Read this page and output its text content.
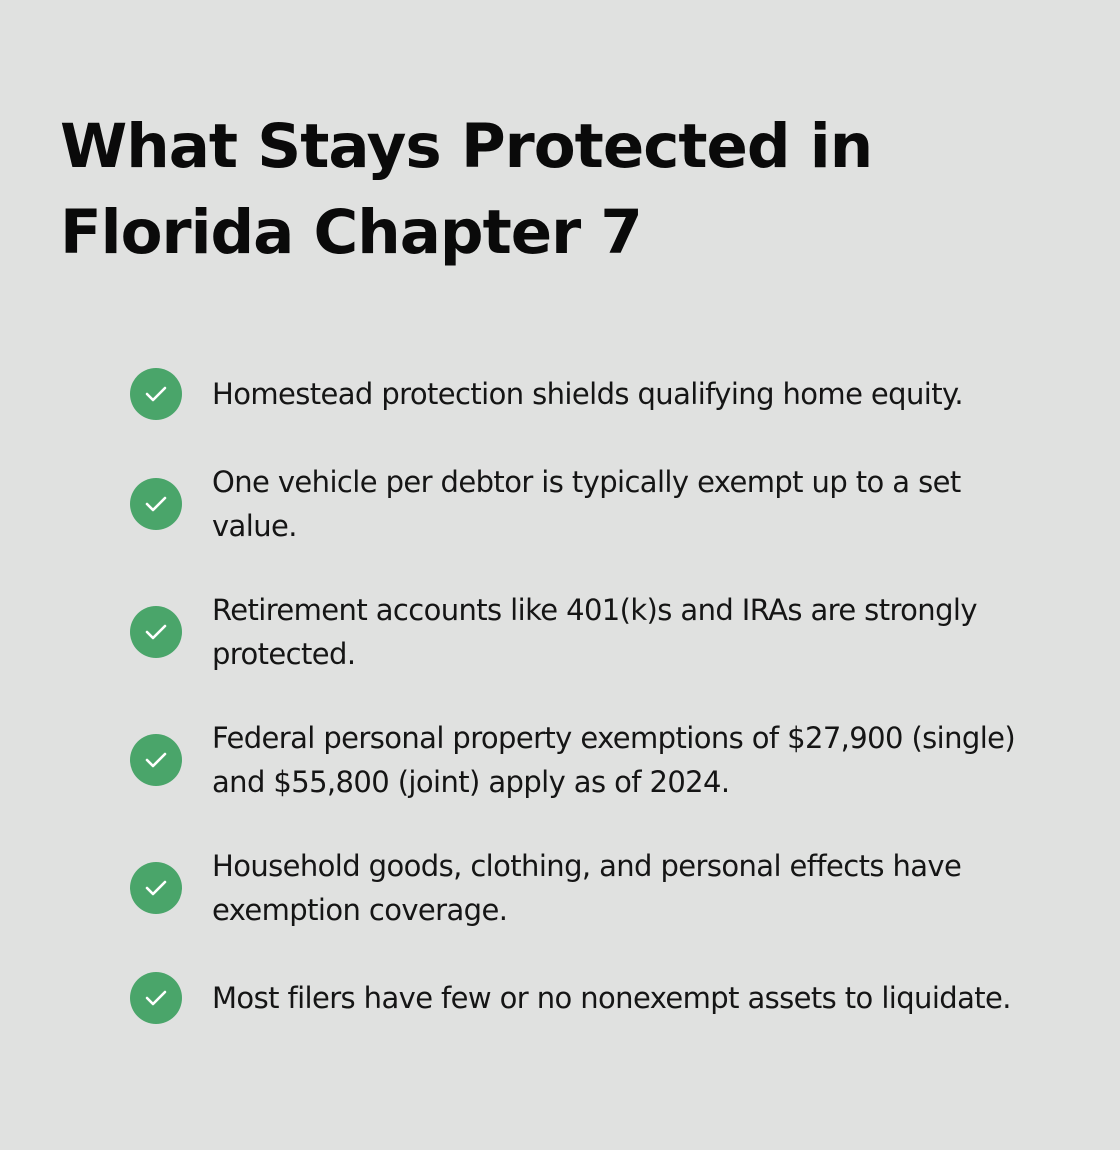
What Stays Protected in
Florida Chapter 7
Homestead protection shields qualifying home equity.
One vehicle per debtor is typically exempt up to a set value.
Retirement accounts like 401(k)s and IRAs are strongly protected.
Federal personal property exemptions of $27,900 (single) and $55,800 (joint) apply as of 2024.
Household goods, clothing, and personal effects have exemption coverage.
Most filers have few or no nonexempt assets to liquidate.
